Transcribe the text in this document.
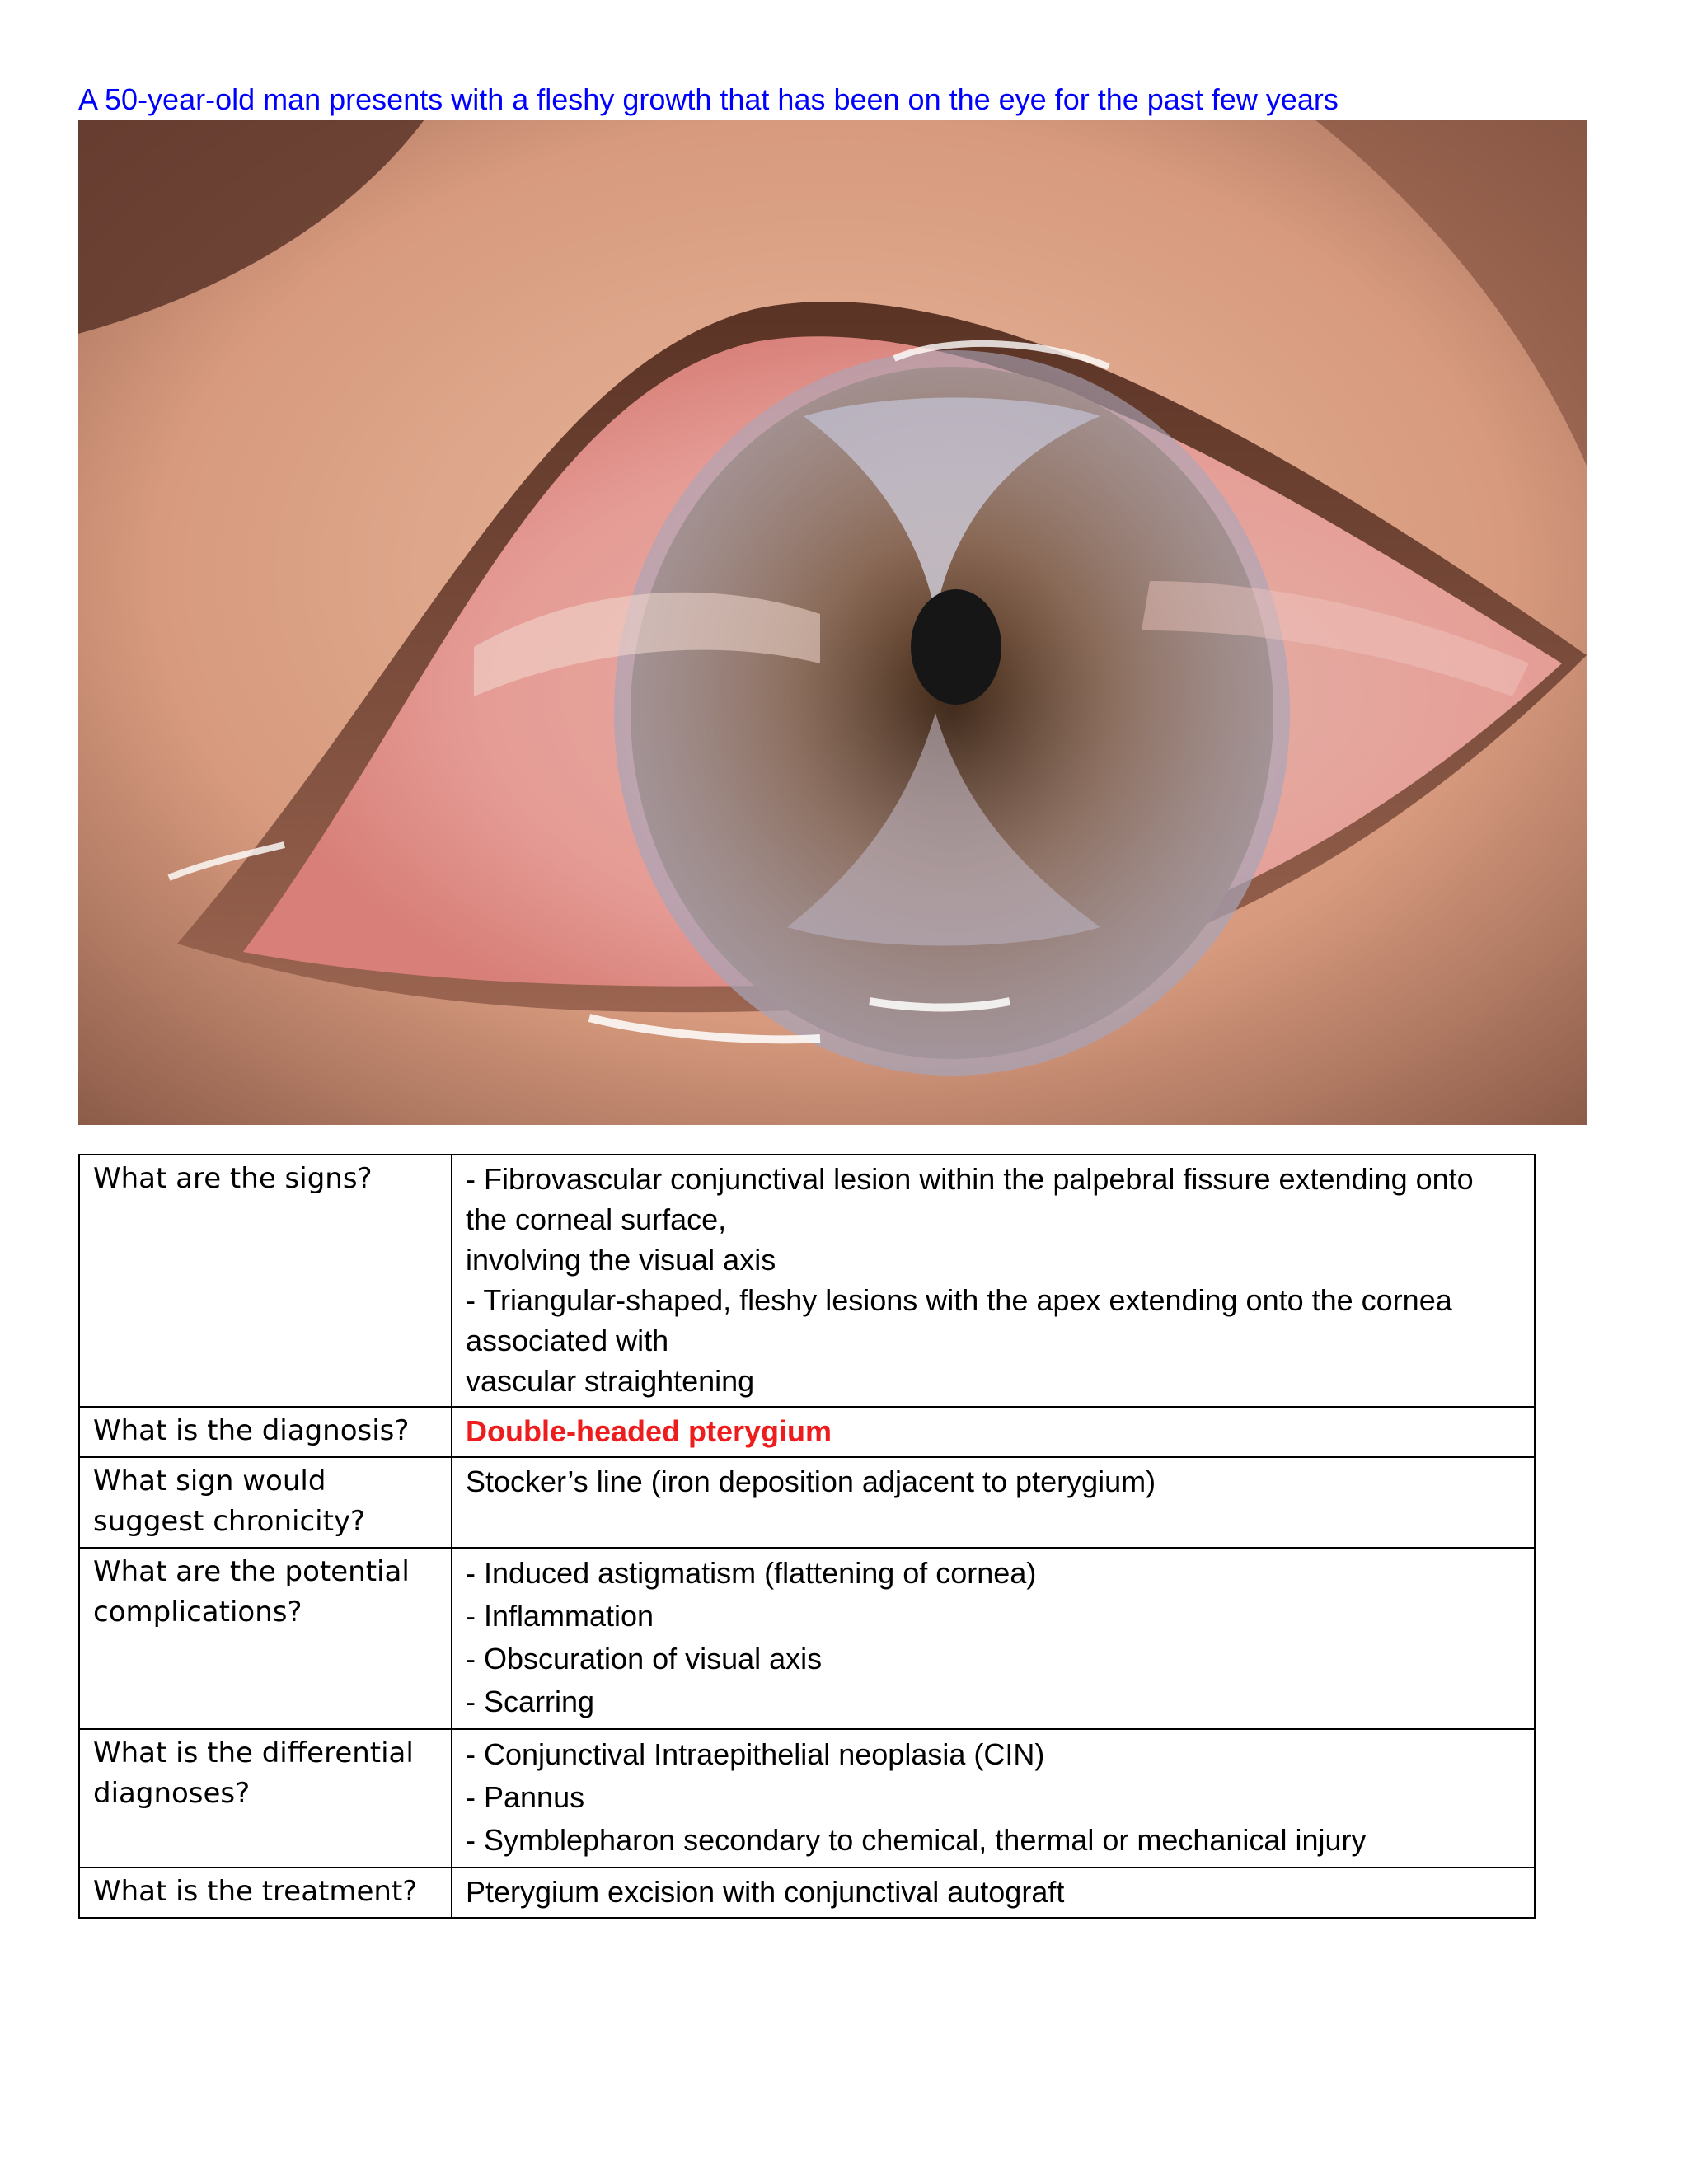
A 50-year-old man presents with a fleshy growth that has been on the eye for the past few years
What are the signs?	- Fibrovascular conjunctival lesion within the palpebral fissure extending onto the corneal surface,
involving the visual axis
- Triangular-shaped, fleshy lesions with the apex extending onto the cornea associated with
vascular straightening

What is the diagnosis?	Double-headed pterygium

What sign would suggest chronicity?	Stocker’s line (iron deposition adjacent to pterygium)

What are the potential complications?	- Induced astigmatism (flattening of cornea)
- Inflammation
- Obscuration of visual axis
- Scarring

What is the differential diagnoses?	- Conjunctival Intraepithelial neoplasia (CIN)
- Pannus
- Symblepharon secondary to chemical, thermal or mechanical injury

What is the treatment?	Pterygium excision with conjunctival autograft
